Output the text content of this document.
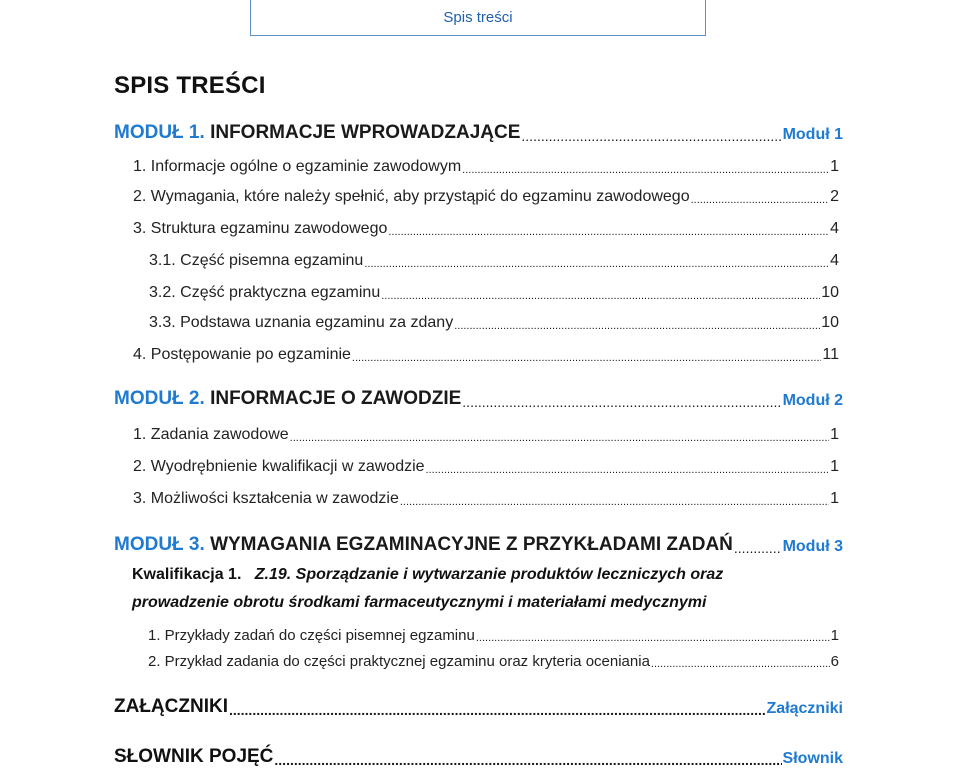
Spis treści
SPIS TREŚCI
MODUŁ 1. INFORMACJE WPROWADZAJĄCE .....	Moduł 1
1. Informacje ogólne o egzaminie zawodowym .....	1
2. Wymagania, które należy spełnić, aby przystąpić do egzaminu zawodowego .....	2
3. Struktura egzaminu zawodowego .....	4
3.1. Część pisemna egzaminu .....	4
3.2. Część praktyczna egzaminu .....	10
3.3. Podstawa uznania egzaminu za zdany .....	10
4. Postępowanie po egzaminie .....	11
MODUŁ 2. INFORMACJE O ZAWODZIE .....	Moduł 2
1. Zadania zawodowe .....	1
2. Wyodrębnienie kwalifikacji w zawodzie .....	1
3. Możliwości kształcenia w zawodzie .....	1
MODUŁ 3. WYMAGANIA EGZAMINACYJNE Z PRZYKŁADAMI ZADAŃ .....	Moduł 3
Kwalifikacja 1. Z.19. Sporządzanie i wytwarzanie produktów leczniczych oraz
prowadzenie obrotu środkami farmaceutycznymi i materiałami medycznymi
1. Przykłady zadań do części pisemnej egzaminu .....	1
2. Przykład zadania do części praktycznej egzaminu oraz kryteria oceniania .....	6
ZAŁĄCZNIKI .....	Załączniki
SŁOWNIK POJĘĆ .....	Słownik
